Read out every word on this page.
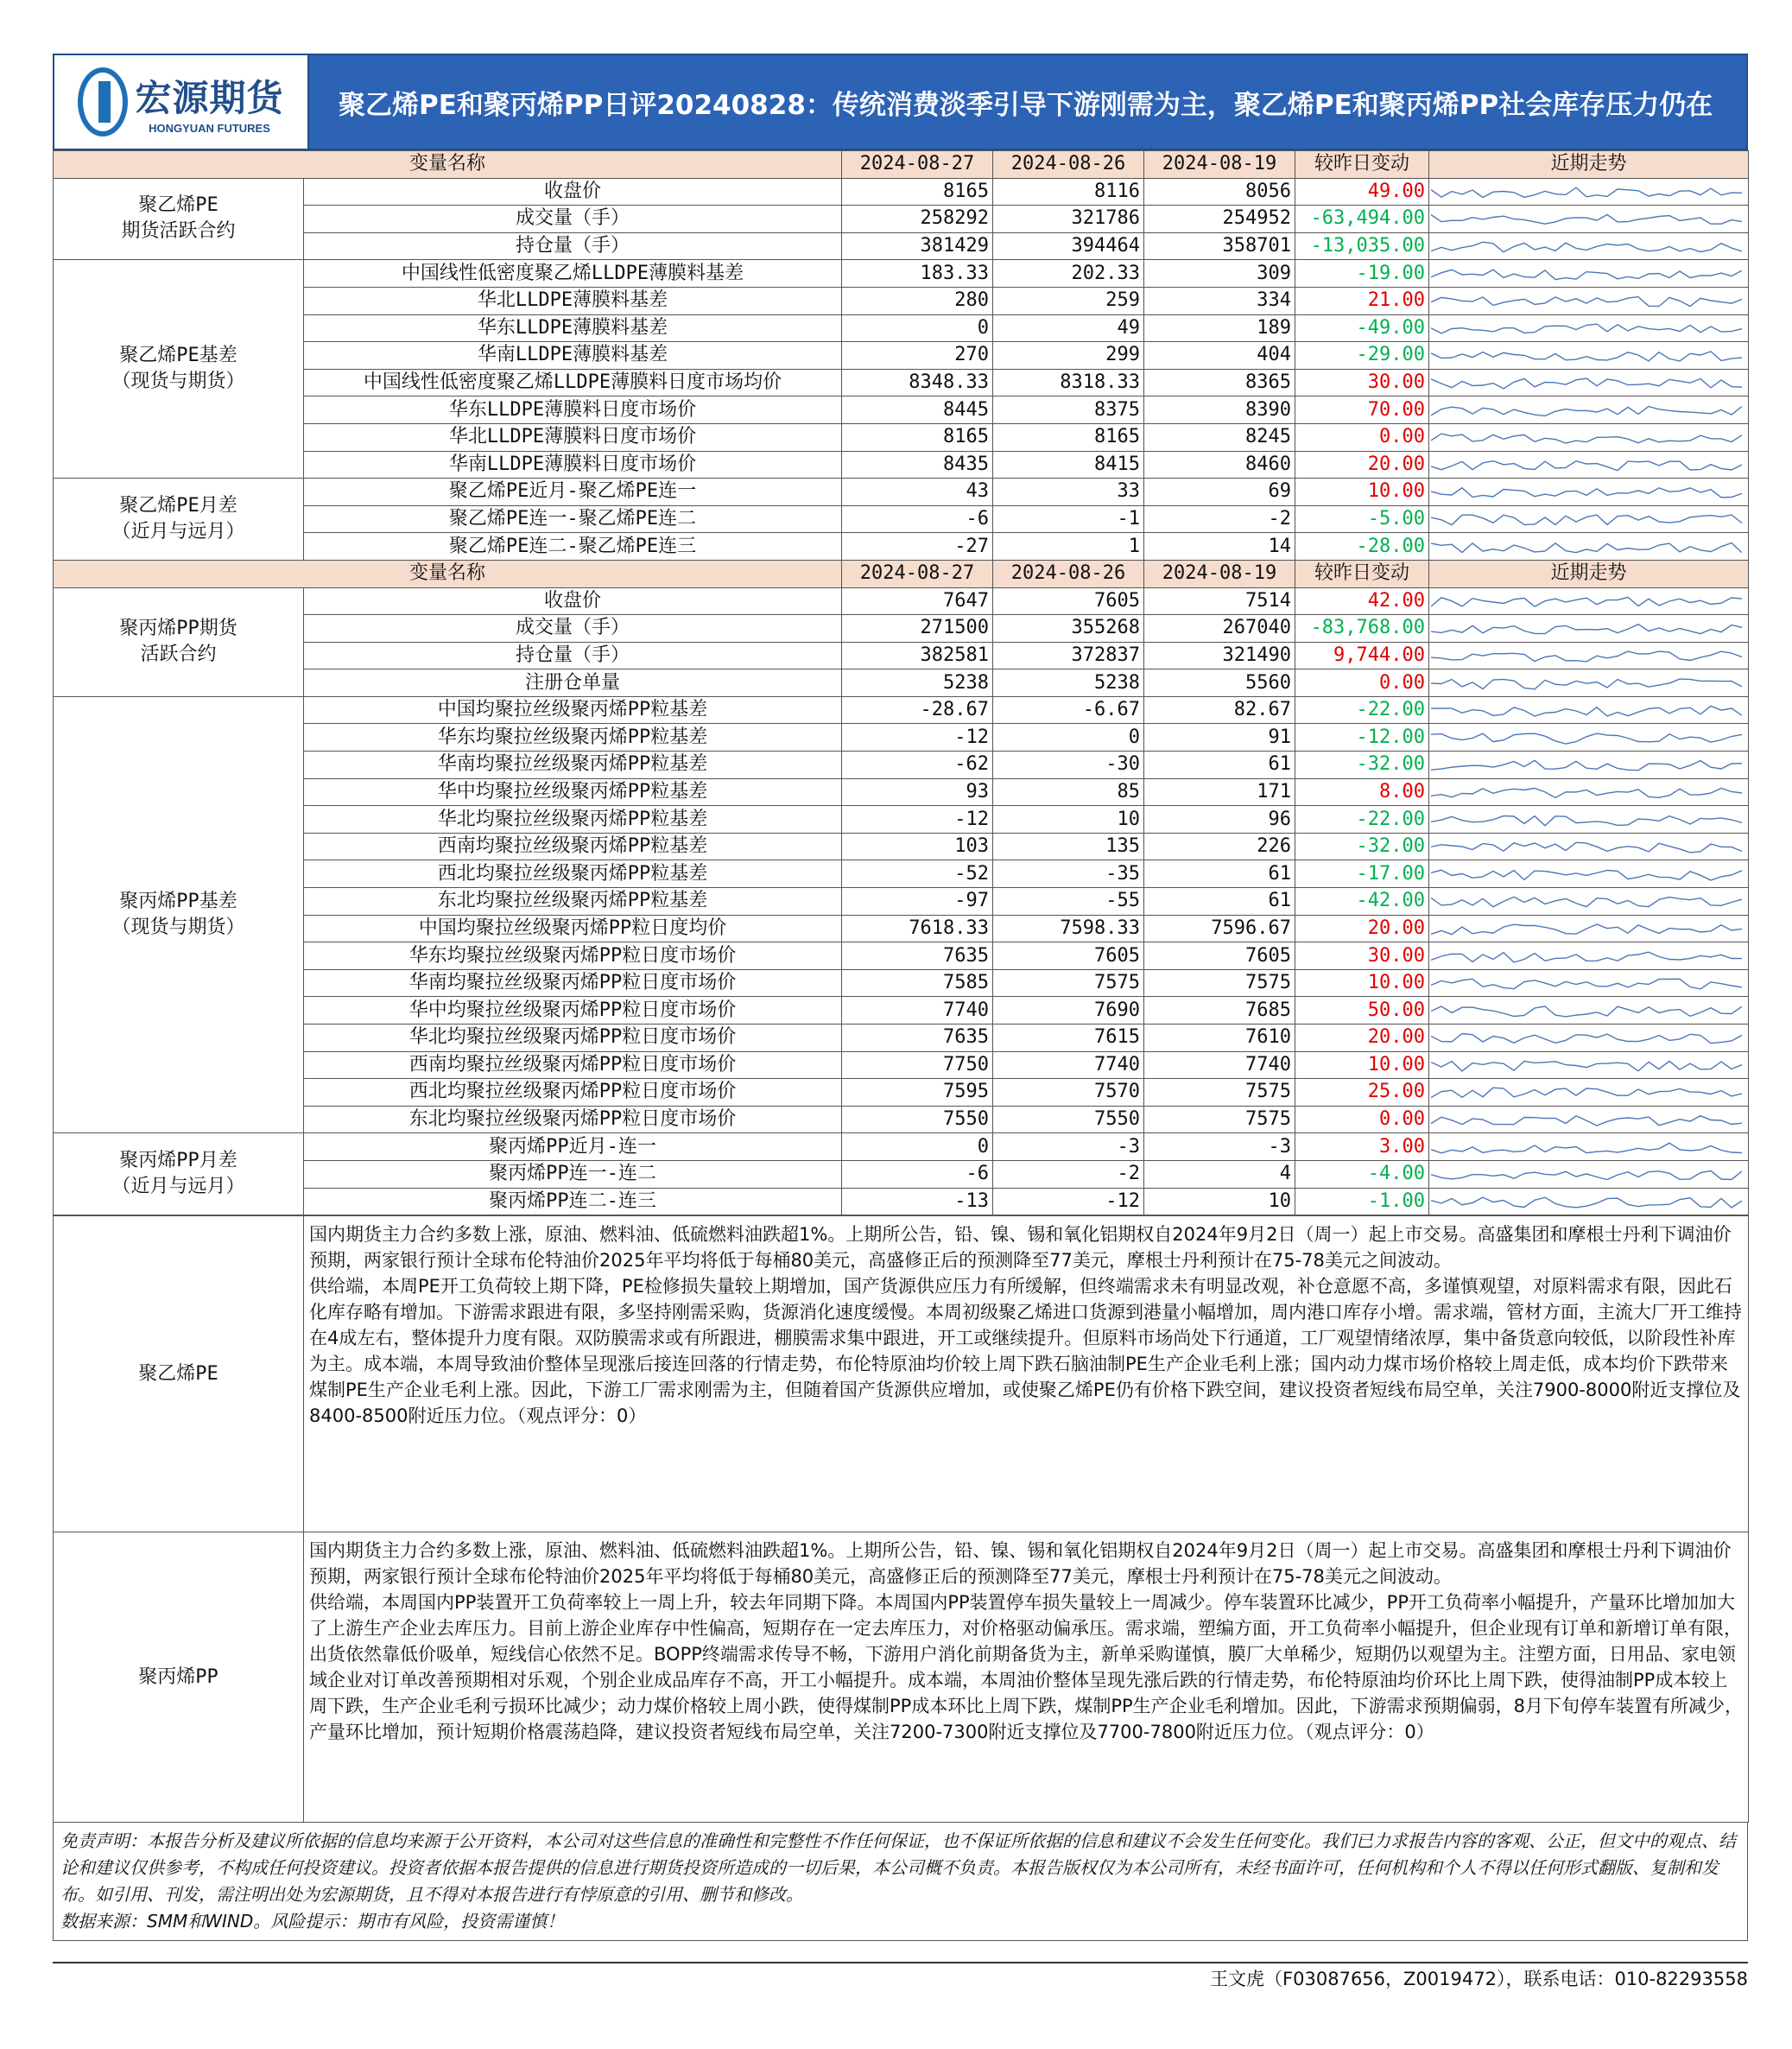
宏源期货
HONGYUAN FUTURES
聚乙烯PE和聚丙烯PP日评20240828：传统消费淡季引导下游刚需为主，聚乙烯PE和聚丙烯PP社会库存压力仍在
变量名称		2024-08-27	2024-08-26	2024-08-19	较昨日变动	近期走势

聚乙烯PE
期货活跃合约	收盘价	8165	8116	8056	49.00	

	成交量（手）	258292	321786	254952	-63,494.00	

	持仓量（手）	381429	394464	358701	-13,035.00	

聚乙烯PE基差
（现货与期货）	中国线性低密度聚乙烯LLDPE薄膜料基差	183.33	202.33	309	-19.00	

	华北LLDPE薄膜料基差	280	259	334	21.00	

	华东LLDPE薄膜料基差	0	49	189	-49.00	

	华南LLDPE薄膜料基差	270	299	404	-29.00	

	中国线性低密度聚乙烯LLDPE薄膜料日度市场均价	8348.33	8318.33	8365	30.00	

	华东LLDPE薄膜料日度市场价	8445	8375	8390	70.00	

	华北LLDPE薄膜料日度市场价	8165	8165	8245	0.00	

	华南LLDPE薄膜料日度市场价	8435	8415	8460	20.00	

聚乙烯PE月差
（近月与远月）	聚乙烯PE近月-聚乙烯PE连一	43	33	69	10.00	

	聚乙烯PE连一-聚乙烯PE连二	-6	-1	-2	-5.00	

	聚乙烯PE连二-聚乙烯PE连三	-27	1	14	-28.00	

变量名称		2024-08-27	2024-08-26	2024-08-19	较昨日变动	近期走势

聚丙烯PP期货
活跃合约	收盘价	7647	7605	7514	42.00	

	成交量（手）	271500	355268	267040	-83,768.00	

	持仓量（手）	382581	372837	321490	9,744.00	

	注册仓单量	5238	5238	5560	0.00	

聚丙烯PP基差
（现货与期货）	中国均聚拉丝级聚丙烯PP粒基差	-28.67	-6.67	82.67	-22.00	

	华东均聚拉丝级聚丙烯PP粒基差	-12	0	91	-12.00	

	华南均聚拉丝级聚丙烯PP粒基差	-62	-30	61	-32.00	

	华中均聚拉丝级聚丙烯PP粒基差	93	85	171	8.00	

	华北均聚拉丝级聚丙烯PP粒基差	-12	10	96	-22.00	

	西南均聚拉丝级聚丙烯PP粒基差	103	135	226	-32.00	

	西北均聚拉丝级聚丙烯PP粒基差	-52	-35	61	-17.00	

	东北均聚拉丝级聚丙烯PP粒基差	-97	-55	61	-42.00	

	中国均聚拉丝级聚丙烯PP粒日度均价	7618.33	7598.33	7596.67	20.00	

	华东均聚拉丝级聚丙烯PP粒日度市场价	7635	7605	7605	30.00	

	华南均聚拉丝级聚丙烯PP粒日度市场价	7585	7575	7575	10.00	

	华中均聚拉丝级聚丙烯PP粒日度市场价	7740	7690	7685	50.00	

	华北均聚拉丝级聚丙烯PP粒日度市场价	7635	7615	7610	20.00	

	西南均聚拉丝级聚丙烯PP粒日度市场价	7750	7740	7740	10.00	

	西北均聚拉丝级聚丙烯PP粒日度市场价	7595	7570	7575	25.00	

	东北均聚拉丝级聚丙烯PP粒日度市场价	7550	7550	7575	0.00	

聚丙烯PP月差
（近月与远月）	聚丙烯PP近月-连一	0	-3	-3	3.00	

	聚丙烯PP连一-连二	-6	-2	4	-4.00	

	聚丙烯PP连二-连三	-13	-12	10	-1.00	
聚乙烯PE	国内期货主力合约多数上涨，原油、燃料油、低硫燃料油跌超1%。上期所公告，铅、镍、锡和氧化铝期权自2024年9月2日（周一）起上市交易。高盛集团和摩根士丹利下调油价预期，两家银行预计全球布伦特油价2025年平均将低于每桶80美元，高盛修正后的预测降至77美元，摩根士丹利预计在75-78美元之间波动。

供给端，本周PE开工负荷较上期下降，PE检修损失量较上期增加，国产货源供应压力有所缓解，但终端需求未有明显改观，补仓意愿不高，多谨慎观望，对原料需求有限，因此石化库存略有增加。下游需求跟进有限，多坚持刚需采购，货源消化速度缓慢。本周初级聚乙烯进口货源到港量小幅增加，周内港口库存小增。需求端，管材方面，主流大厂开工维持在4成左右，整体提升力度有限。双防膜需求或有所跟进，棚膜需求集中跟进，开工或继续提升。但原料市场尚处下行通道，工厂观望情绪浓厚，集中备货意向较低，以阶段性补库为主。成本端，本周导致油价整体呈现涨后接连回落的行情走势，布伦特原油均价较上周下跌石脑油制PE生产企业毛利上涨；国内动力煤市场价格较上周走低，成本均价下跌带来煤制PE生产企业毛利上涨。因此，下游工厂需求刚需为主，但随着国产货源供应增加，或使聚乙烯PE仍有价格下跌空间，建议投资者短线布局空单，关注7900-8000附近支撑位及8400-8500附近压力位。（观点评分：0）

聚丙烯PP	国内期货主力合约多数上涨，原油、燃料油、低硫燃料油跌超1%。上期所公告，铅、镍、锡和氧化铝期权自2024年9月2日（周一）起上市交易。高盛集团和摩根士丹利下调油价预期，两家银行预计全球布伦特油价2025年平均将低于每桶80美元，高盛修正后的预测降至77美元，摩根士丹利预计在75-78美元之间波动。

供给端，本周国内PP装置开工负荷率较上一周上升，较去年同期下降。本周国内PP装置停车损失量较上一周减少。停车装置环比减少，PP开工负荷率小幅提升，产量环比增加加大了上游生产企业去库压力。目前上游企业库存中性偏高，短期存在一定去库压力，对价格驱动偏承压。需求端，塑编方面，开工负荷率小幅提升，但企业现有订单和新增订单有限，出货依然靠低价吸单，短线信心依然不足。BOPP终端需求传导不畅，下游用户消化前期备货为主，新单采购谨慎，膜厂大单稀少，短期仍以观望为主。注塑方面，日用品、家电领域企业对订单改善预期相对乐观，个别企业成品库存不高，开工小幅提升。成本端，本周油价整体呈现先涨后跌的行情走势，布伦特原油均价环比上周下跌，使得油制PP成本较上周下跌，生产企业毛利亏损环比减少；动力煤价格较上周小跌，使得煤制PP成本环比上周下跌，煤制PP生产企业毛利增加。因此，下游需求预期偏弱，8月下旬停车装置有所减少，产量环比增加，预计短期价格震荡趋降，建议投资者短线布局空单，关注7200-7300附近支撑位及7700-7800附近压力位。（观点评分：0）

免责声明：本报告分析及建议所依据的信息均来源于公开资料，本公司对这些信息的准确性和完整性不作任何保证，也不保证所依据的信息和建议不会发生任何变化。我们已力求报告内容的客观、公正，但文中的观点、结论和建议仅供参考，不构成任何投资建议。投资者依据本报告提供的信息进行期货投资所造成的一切后果，本公司概不负责。本报告版权仅为本公司所有，未经书面许可，任何机构和个人不得以任何形式翻版、复制和发布。如引用、刊发，需注明出处为宏源期货，且不得对本报告进行有悖原意的引用、删节和修改。

数据来源：SMM和WIND。风险提示：期市有风险，投资需谨慎！

王文虎（F03087656，Z0019472），联系电话：010-82293558
